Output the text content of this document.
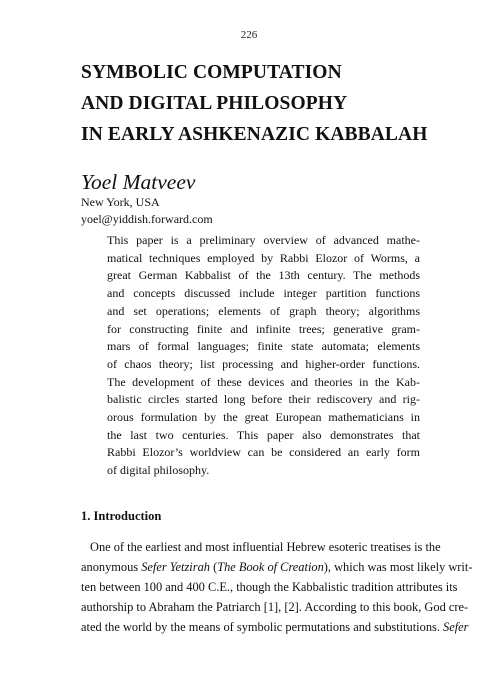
226
SYMBOLIC COMPUTATION
AND DIGITAL PHILOSOPHY
IN EARLY ASHKENAZIC KABBALAH
Yoel Matveev
New York, USA
yoel@yiddish.forward.com
This paper is a preliminary overview of advanced mathe-
matical techniques employed by Rabbi Elozor of Worms, a
great German Kabbalist of the 13th century. The methods
and concepts discussed include integer partition functions
and set operations; elements of graph theory; algorithms
for constructing finite and infinite trees; generative gram-
mars of formal languages; finite state automata; elements
of chaos theory; list processing and higher-order functions.
The development of these devices and theories in the Kab-
balistic circles started long before their rediscovery and rig-
orous formulation by the great European mathematicians in
the last two centuries. This paper also demonstrates that
Rabbi Elozor’s worldview can be considered an early form
of digital philosophy.
1. Introduction
One of the earliest and most influential Hebrew esoteric treatises is the
anonymous Sefer Yetzirah (The Book of Creation), which was most likely writ-
ten between 100 and 400 C.E., though the Kabbalistic tradition attributes its
authorship to Abraham the Patriarch [1], [2]. According to this book, God cre-
ated the world by the means of symbolic permutations and substitutions. Sefer
